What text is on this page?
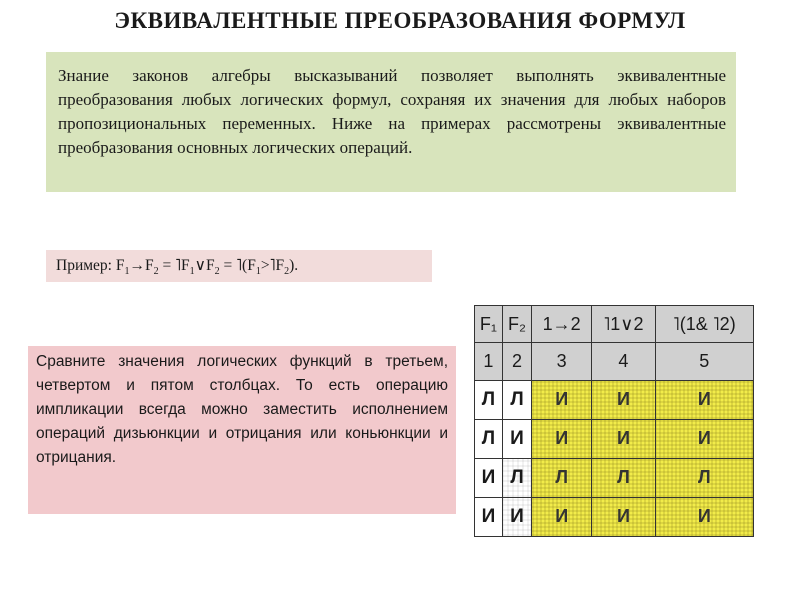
ЭКВИВАЛЕНТНЫЕ ПРЕОБРАЗОВАНИЯ ФОРМУЛ
Знание законов алгебры высказываний позволяет выполнять эквивалентные преобразования любых логических формул, сохраняя их значения для любых наборов пропозициональных переменных. Ниже на примерах рассмотрены эквивалентные преобразования основных логических операций.
Пример: $F_1\to F_2$ = $˥F_1\vee F_2$ = $˥(F_1>˥F_2)$.
Сравните значения логических функций в третьем, четвертом и пятом столбцах. То есть операцию импликации всегда можно заместить исполнением операций дизьюнкции и отрицания или коньюнкции и отрицания.
F₁	F₂	1→2	˥1∨2	˥(1& ˥2)
1	2	3	4	5
Л	Л	И	И	И
Л	И	И	И	И
И	Л	Л	Л	Л
И	И	И	И	И
